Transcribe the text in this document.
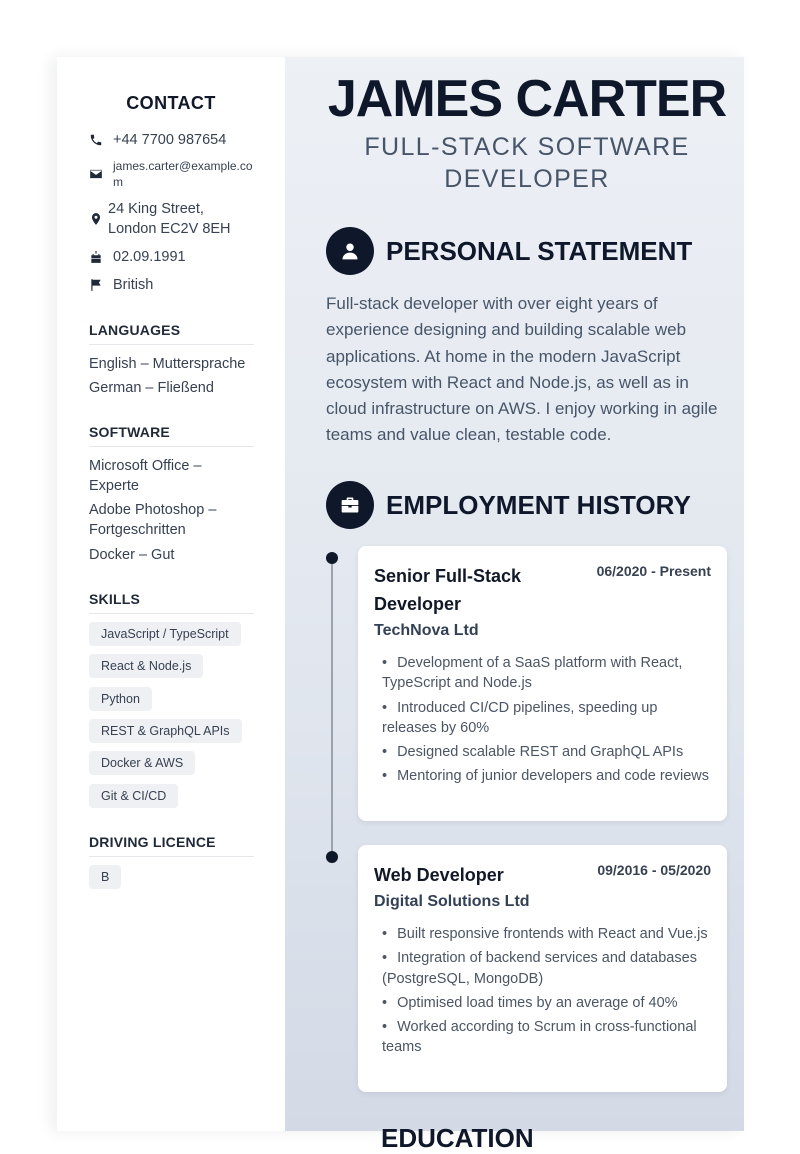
CONTACT
+44 7700 987654
james.carter@example.com
24 King Street, London EC2V 8EH
02.09.1991
British
LANGUAGES
English – Muttersprache
German – Fließend
SOFTWARE
Microsoft Office – Experte
Adobe Photoshop – Fortgeschritten
Docker – Gut
SKILLS
JavaScript / TypeScript
React & Node.js
Python
REST & GraphQL APIs
Docker & AWS
Git & CI/CD
DRIVING LICENCE
B
JAMES CARTER
FULL-STACK SOFTWARE DEVELOPER
PERSONAL STATEMENT
Full-stack developer with over eight years of experience designing and building scalable web applications. At home in the modern JavaScript ecosystem with React and Node.js, as well as in cloud infrastructure on AWS. I enjoy working in agile teams and value clean, testable code.
EMPLOYMENT HISTORY
Senior Full-Stack Developer
06/2020 - Present
TechNova Ltd
• Development of a SaaS platform with React, TypeScript and Node.js
• Introduced CI/CD pipelines, speeding up releases by 60%
• Designed scalable REST and GraphQL APIs
• Mentoring of junior developers and code reviews
Web Developer	09/2016 - 05/2020
Digital Solutions Ltd
• Built responsive frontends with React and Vue.js
• Integration of backend services and databases (PostgreSQL, MongoDB)
• Optimised load times by an average of 40%
• Worked according to Scrum in cross-functional teams
EDUCATION
